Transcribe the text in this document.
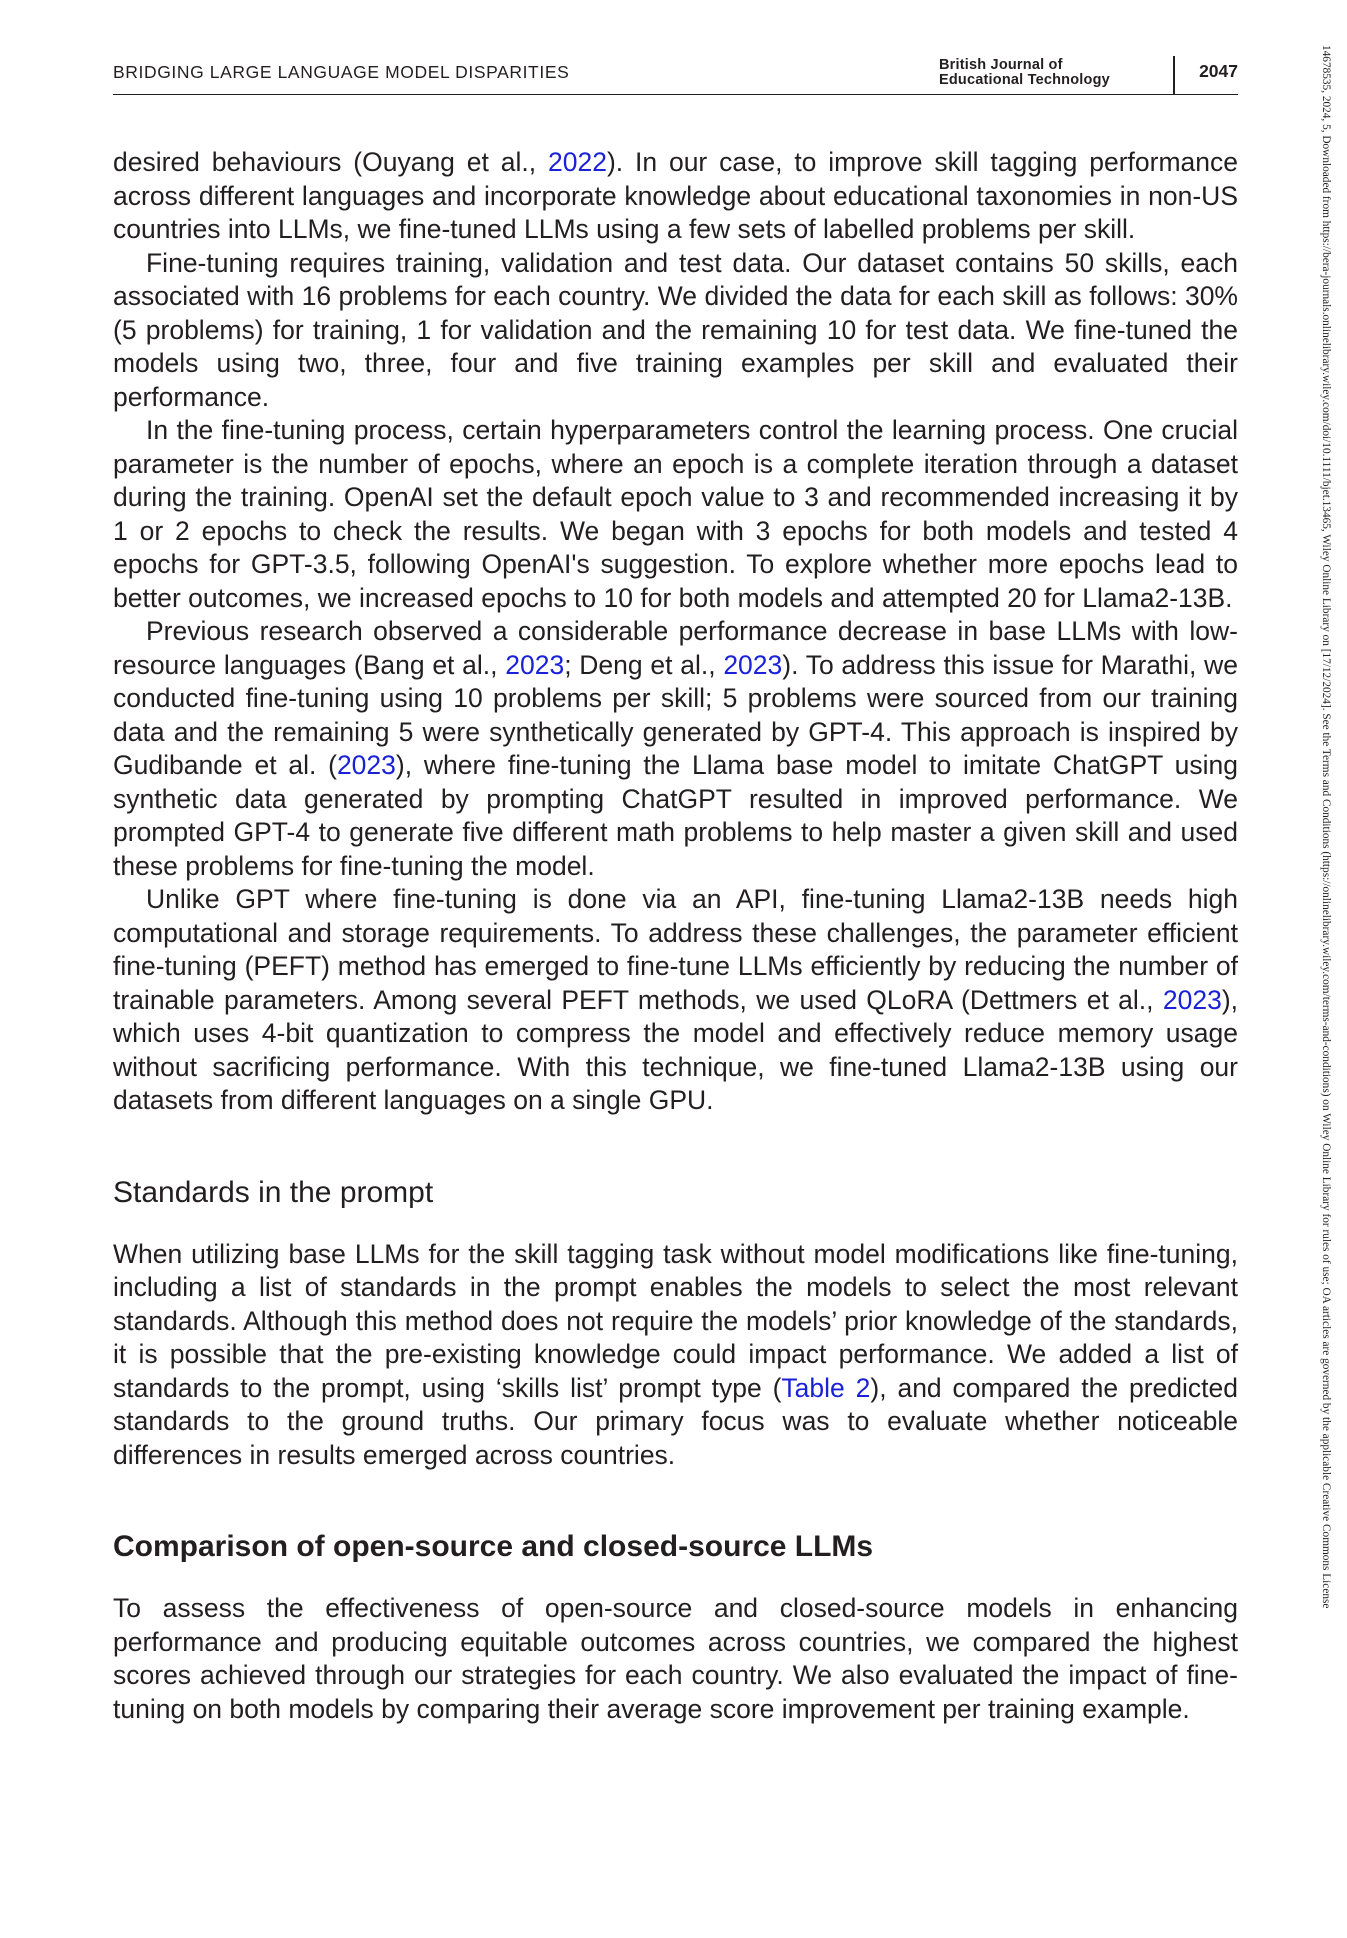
BRIDGING LARGE LANGUAGE MODEL DISPARITIES	British Journal of
Educational Technology	2047	14678535, 2024, 5, Downloaded from https://bera-journals.onlinelibrary.wiley.com/doi/10.1111/bjet.13465, Wiley Online Library on [17/12/2024]. See the Terms and Conditions (https://onlinelibrary.wiley.com/terms-and-conditions) on Wiley Online Library for rules of use; OA articles are governed by the applicable Creative Commons License

desired behaviours (Ouyang et al., 2022). In our case, to improve skill tagging performance across different languages and incorporate knowledge about educational taxonomies in non-US countries into LLMs, we fine-tuned LLMs using a few sets of labelled problems per skill.

Fine-tuning requires training, validation and test data. Our dataset contains 50 skills, each associated with 16 problems for each country. We divided the data for each skill as follows: 30% (5 problems) for training, 1 for validation and the remaining 10 for test data. We fine-tuned the models using two, three, four and five training examples per skill and evaluated their performance.

In the fine-tuning process, certain hyperparameters control the learning process. One crucial parameter is the number of epochs, where an epoch is a complete iteration through a dataset during the training. OpenAI set the default epoch value to 3 and recommended increasing it by 1 or 2 epochs to check the results. We began with 3 epochs for both models and tested 4 epochs for GPT-3.5, following OpenAI's suggestion. To explore whether more epochs lead to better outcomes, we increased epochs to 10 for both models and attempted 20 for Llama2-13B.

Previous research observed a considerable performance decrease in base LLMs with low-resource languages (Bang et al., 2023; Deng et al., 2023). To address this issue for Marathi, we conducted fine-tuning using 10 problems per skill; 5 problems were sourced from our training data and the remaining 5 were synthetically generated by GPT-4. This approach is inspired by Gudibande et al. (2023), where fine-tuning the Llama base model to imitate ChatGPT using synthetic data generated by prompting ChatGPT resulted in improved performance. We prompted GPT-4 to generate five different math problems to help master a given skill and used these problems for fine-tuning the model.

Unlike GPT where fine-tuning is done via an API, fine-tuning Llama2-13B needs high computational and storage requirements. To address these challenges, the parameter efficient fine-tuning (PEFT) method has emerged to fine-tune LLMs efficiently by reducing the number of trainable parameters. Among several PEFT methods, we used QLoRA (Dettmers et al., 2023), which uses 4-bit quantization to compress the model and effectively reduce memory usage without sacrificing performance. With this technique, we fine-tuned Llama2-13B using our datasets from different languages on a single GPU.

Standards in the prompt

When utilizing base LLMs for the skill tagging task without model modifications like fine-tuning, including a list of standards in the prompt enables the models to select the most relevant standards. Although this method does not require the models’ prior knowledge of the standards, it is possible that the pre-existing knowledge could impact performance. We added a list of standards to the prompt, using ‘skills list’ prompt type (Table 2), and compared the predicted standards to the ground truths. Our primary focus was to evaluate whether noticeable differences in results emerged across countries.

Comparison of open-source and closed-source LLMs

To assess the effectiveness of open-source and closed-source models in enhancing performance and producing equitable outcomes across countries, we compared the highest scores achieved through our strategies for each country. We also evaluated the impact of fine-tuning on both models by comparing their average score improvement per training example.
